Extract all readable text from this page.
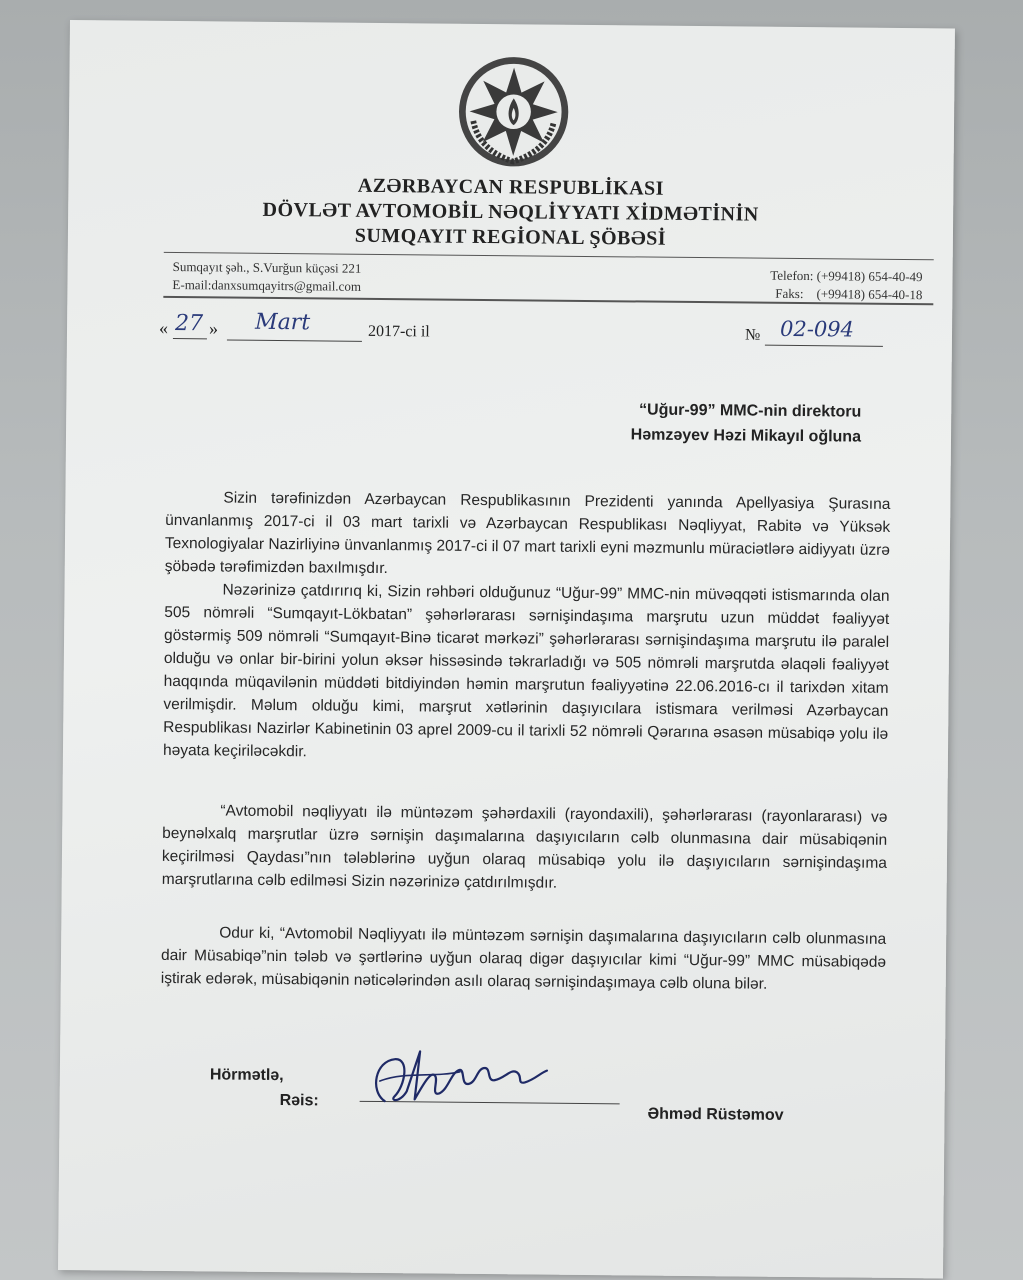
AZƏRBAYCAN RESPUBLİKASI
DÖVLƏT AVTOMOBİL NƏQLİYYATI XİDMƏTİNİN
SUMQAYIT REGİONAL ŞÖBƏSİ
Sumqayıt şəh., S.Vurğun küçəsi 221
E-mail:danxsumqayitrs@gmail.com
Telefon: (+99418) 654-40-49
Faks:    (+99418) 654-40-18
« 27 » Mart	2017-ci il	№ 02-094
“Uğur-99” MMC-nin direktoru
Həmzəyev Həzi Mikayıl oğluna

Sizin tərəfinizdən Azərbaycan Respublikasının Prezidenti yanında Apellyasiya Şurasına ünvanlanmış 2017-ci il 03 mart tarixli və Azərbaycan Respublikası Nəqliyyat, Rabitə və Yüksək Texnologiyalar Nazirliyinə ünvanlanmış 2017-ci il 07 mart tarixli eyni məzmunlu müraciətlərə aidiyyatı üzrə şöbədə tərəfimizdən baxılmışdır.

Nəzərinizə çatdırırıq ki, Sizin rəhbəri olduğunuz “Uğur-99” MMC-nin müvəqqəti istismarında olan 505 nömrəli “Sumqayıt-Lökbatan” şəhərlərarası sərnişindaşıma marşrutu uzun müddət fəaliyyət göstərmiş 509 nömrəli “Sumqayıt-Binə ticarət mərkəzi” şəhərlərarası sərnişindaşıma marşrutu ilə paralel olduğu və onlar bir-birini yolun əksər hissəsində təkrarladığı və 505 nömrəli marşrutda əlaqəli fəaliyyət haqqında müqavilənin müddəti bitdiyindən həmin marşrutun fəaliyyətinə 22.06.2016-cı il tarixdən xitam verilmişdir. Məlum olduğu kimi, marşrut xətlərinin daşıyıcılara istismara verilməsi Azərbaycan Respublikası Nazirlər Kabinetinin 03 aprel 2009-cu il tarixli 52 nömrəli Qərarına əsasən müsabiqə yolu ilə həyata keçiriləcəkdir.

“Avtomobil nəqliyyatı ilə müntəzəm şəhərdaxili (rayondaxili), şəhərlərarası (rayonlararası) və beynəlxalq marşrutlar üzrə sərnişin daşımalarına daşıyıcıların cəlb olunmasına dair müsabiqənin keçirilməsi Qaydası”nın tələblərinə uyğun olaraq müsabiqə yolu ilə daşıyıcıların sərnişindaşıma marşrutlarına cəlb edilməsi Sizin nəzərinizə çatdırılmışdır.

Odur ki, “Avtomobil Nəqliyyatı ilə müntəzəm sərnişin daşımalarına daşıyıcıların cəlb olunmasına dair Müsabiqə”nin tələb və şərtlərinə uyğun olaraq digər daşıyıcılar kimi “Uğur-99” MMC müsabiqədə iştirak edərək, müsabiqənin nəticələrindən asılı olaraq sərnişindaşımaya cəlb oluna bilər.

Hörmətlə,
Rəis:
Əhməd Rüstəmov
